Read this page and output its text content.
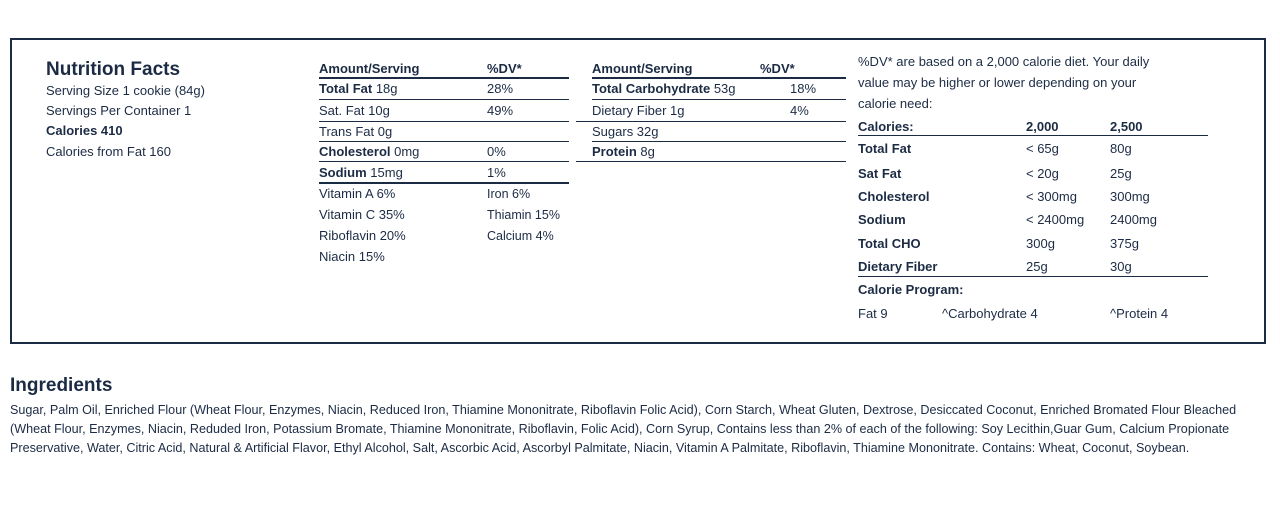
Nutrition Facts
Serving Size 1 cookie (84g)
Servings Per Container 1
Calories 410
Calories from Fat 160
Amount/Serving	%DV*
Total Fat 18g	28%
Sat. Fat 10g	49%
Trans Fat 0g
Cholesterol 0mg	0%
Sodium 15mg	1%
Vitamin A 6%	Iron 6%
Vitamin C 35%	Thiamin 15%
Riboflavin 20%	Calcium 4%
Niacin 15%
Amount/Serving	%DV*
Total Carbohydrate 53g	18%
Dietary Fiber 1g	4%
Sugars 32g
Protein 8g
%DV* are based on a 2,000 calorie diet. Your daily
value may be higher or lower depending on your
calorie need:
Calories:	2,000	2,500
Total Fat	< 65g	80g
Sat Fat	< 20g	25g
Cholesterol	< 300mg	300mg
Sodium	< 2400mg 2400mg
Total CHO	300g	375g
Dietary Fiber	25g	30g
Calorie Program:
Fat 9	^Carbohydrate 4	^Protein 4
Ingredients
Sugar, Palm Oil, Enriched Flour (Wheat Flour, Enzymes, Niacin, Reduced Iron, Thiamine Mononitrate, Riboflavin Folic Acid), Corn Starch, Wheat Gluten, Dextrose, Desiccated Coconut, Enriched Bromated Flour Bleached (Wheat Flour, Enzymes, Niacin, Reduded Iron, Potassium Bromate, Thiamine Mononitrate, Riboflavin, Folic Acid), Corn Syrup, Contains less than 2% of each of the following: Soy Lecithin,Guar Gum, Calcium Propionate Preservative, Water, Citric Acid, Natural & Artificial Flavor, Ethyl Alcohol, Salt, Ascorbic Acid, Ascorbyl Palmitate, Niacin, Vitamin A Palmitate, Riboflavin, Thiamine Mononitrate. Contains: Wheat, Coconut, Soybean.
